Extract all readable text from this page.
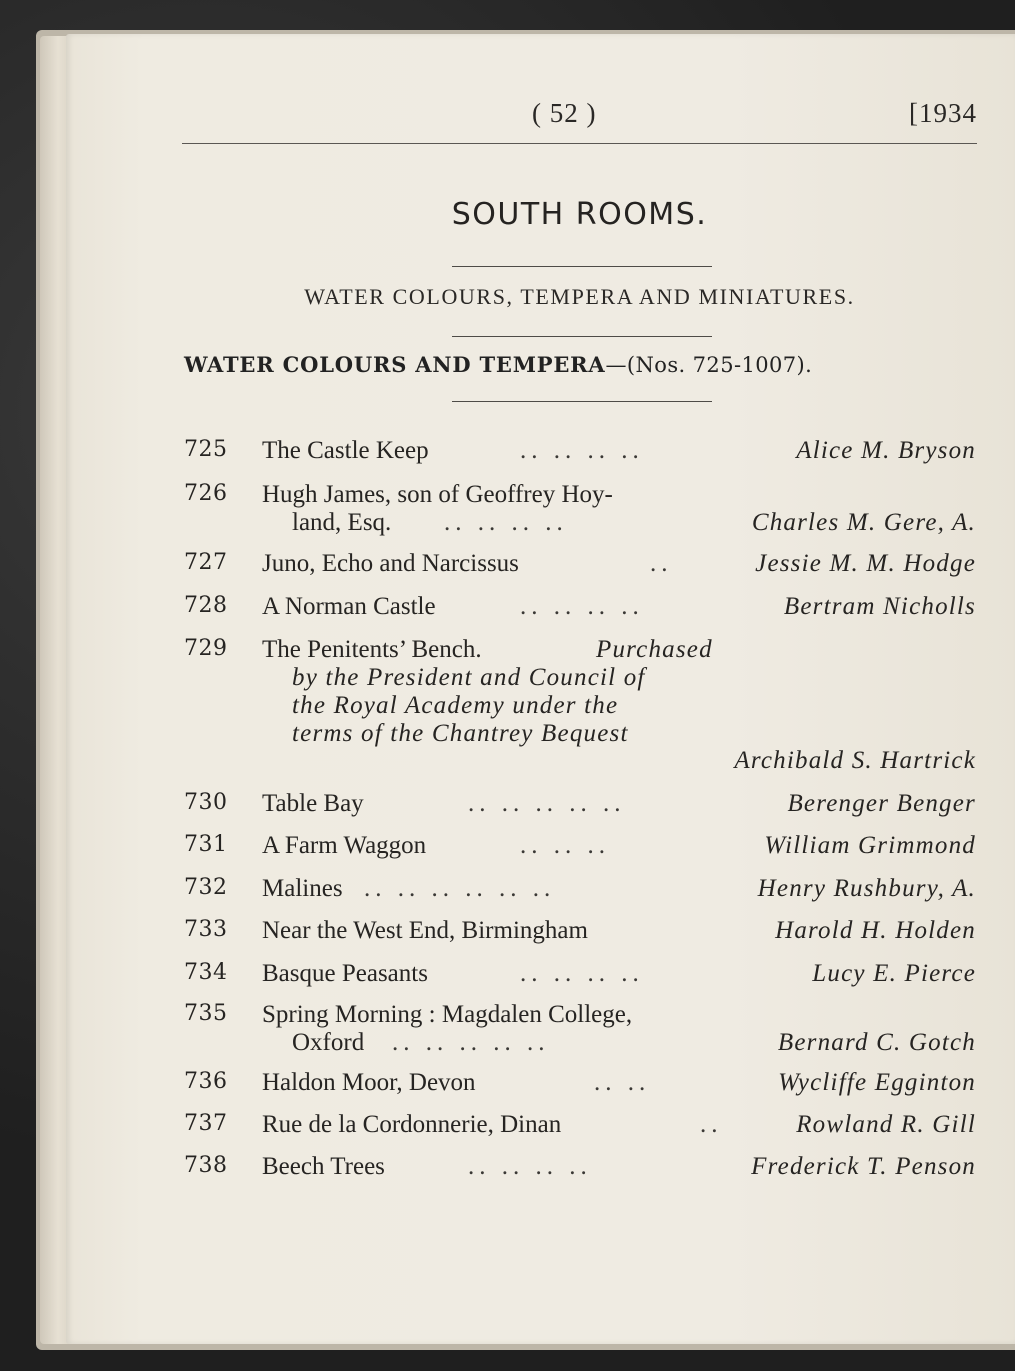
( 52 )	[1934
SOUTH ROOMS.
WATER COLOURS, TEMPERA AND MINIATURES.
WATER COLOURS AND TEMPERA—(Nos. 725-1007).
725 The Castle Keep	.. .. .. ..	Alice M. Bryson
726 Hugh James, son of Geoffrey Hoy-
land, Esq. .. .. .. ..	Charles M. Gere, A.
727 Juno, Echo and Narcissus	..	Jessie M. M. Hodge
728 A Norman Castle	.. .. .. ..	Bertram Nicholls
729 The Penitents’ Bench.	Purchased
by the President and Council of
the Royal Academy under the
terms of the Chantrey Bequest
Archibald S. Hartrick
730 Table Bay	.. .. .. .. ..	Berenger Benger
731 A Farm Waggon	.. .. ..	William Grimmond
732 Malines .. .. .. .. .. ..	Henry Rushbury, A.
733 Near the West End, Birmingham	Harold H. Holden
734 Basque Peasants	.. .. .. ..	Lucy E. Pierce
735 Spring Morning : Magdalen College,
Oxford .. .. .. .. ..	Bernard C. Gotch
736 Haldon Moor, Devon	.. ..	Wycliffe Egginton
737 Rue de la Cordonnerie, Dinan	..	Rowland R. Gill
738 Beech Trees	.. .. .. ..	Frederick T. Penson
